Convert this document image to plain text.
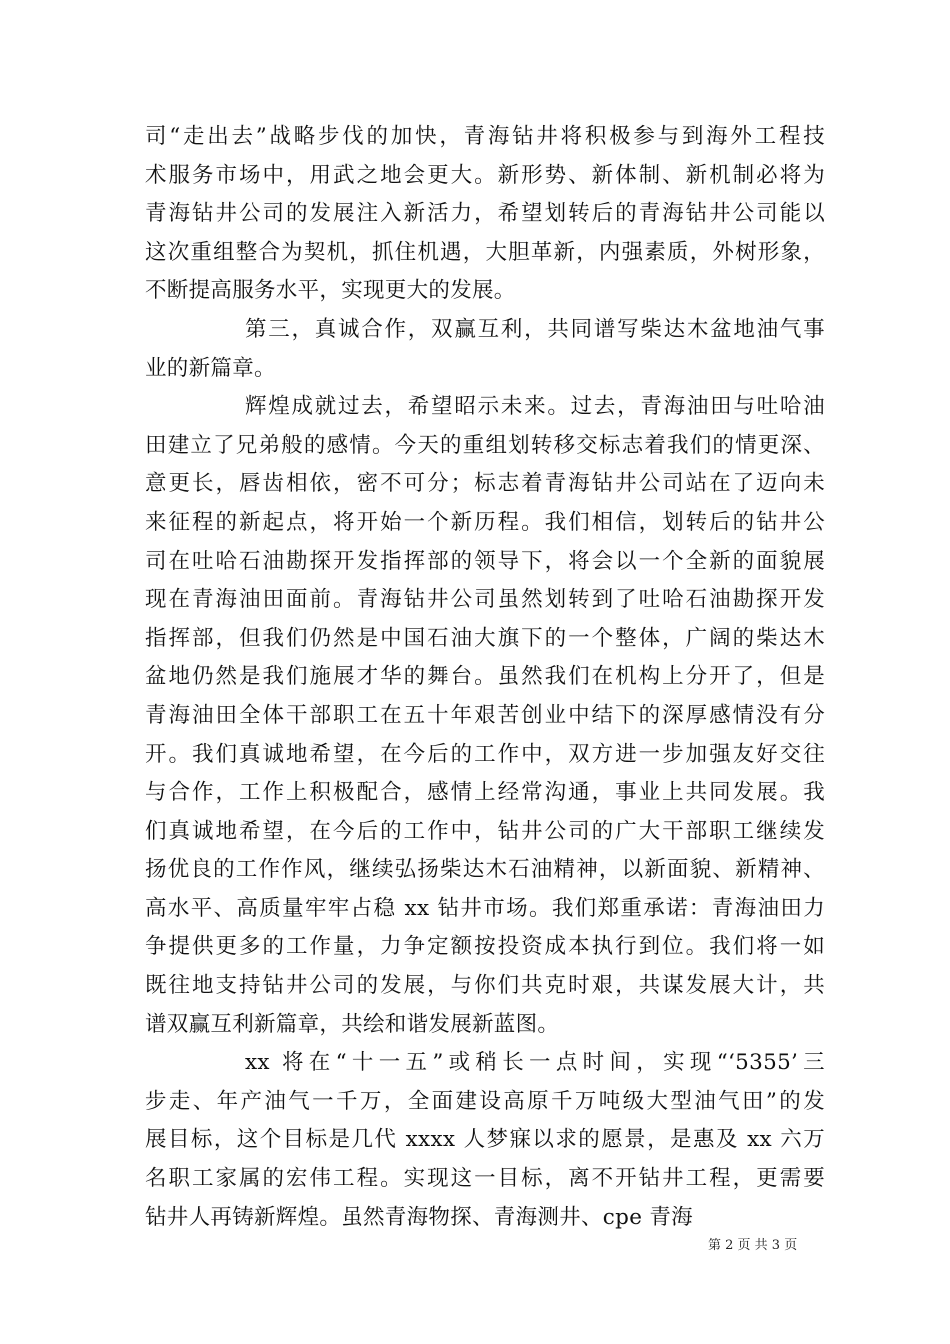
司“走出去”战略步伐的加快，青海钻井将积极参与到海外工程技
术服务市场中，用武之地会更大。新形势、新体制、新机制必将为
青海钻井公司的发展注入新活力，希望划转后的青海钻井公司能以
这次重组整合为契机，抓住机遇，大胆革新，内强素质，外树形象，
不断提高服务水平，实现更大的发展。
第三，真诚合作，双赢互利，共同谱写柴达木盆地油气事
业的新篇章。
辉煌成就过去，希望昭示未来。过去，青海油田与吐哈油
田建立了兄弟般的感情。今天的重组划转移交标志着我们的情更深、
意更长，唇齿相依，密不可分；标志着青海钻井公司站在了迈向未
来征程的新起点，将开始一个新历程。我们相信，划转后的钻井公
司在吐哈石油勘探开发指挥部的领导下，将会以一个全新的面貌展
现在青海油田面前。青海钻井公司虽然划转到了吐哈石油勘探开发
指挥部，但我们仍然是中国石油大旗下的一个整体，广阔的柴达木
盆地仍然是我们施展才华的舞台。虽然我们在机构上分开了，但是
青海油田全体干部职工在五十年艰苦创业中结下的深厚感情没有分
开。我们真诚地希望，在今后的工作中，双方进一步加强友好交往
与合作，工作上积极配合，感情上经常沟通，事业上共同发展。我
们真诚地希望，在今后的工作中，钻井公司的广大干部职工继续发
扬优良的工作作风，继续弘扬柴达木石油精神，以新面貌、新精神、
高水平、高质量牢牢占稳 xx 钻井市场。我们郑重承诺：青海油田力
争提供更多的工作量，力争定额按投资成本执行到位。我们将一如
既往地支持钻井公司的发展，与你们共克时艰，共谋发展大计，共
谱双赢互利新篇章，共绘和谐发展新蓝图。
xx 将在“十一五”或稍长一点时间，实现“‘5355’三
步走、年产油气一千万，全面建设高原千万吨级大型油气田”的发
展目标，这个目标是几代 xxxx 人梦寐以求的愿景，是惠及 xx 六万
名职工家属的宏伟工程。实现这一目标，离不开钻井工程，更需要
钻井人再铸新辉煌。虽然青海物探、青海测井、cpe 青海
第 2 页 共 3 页
